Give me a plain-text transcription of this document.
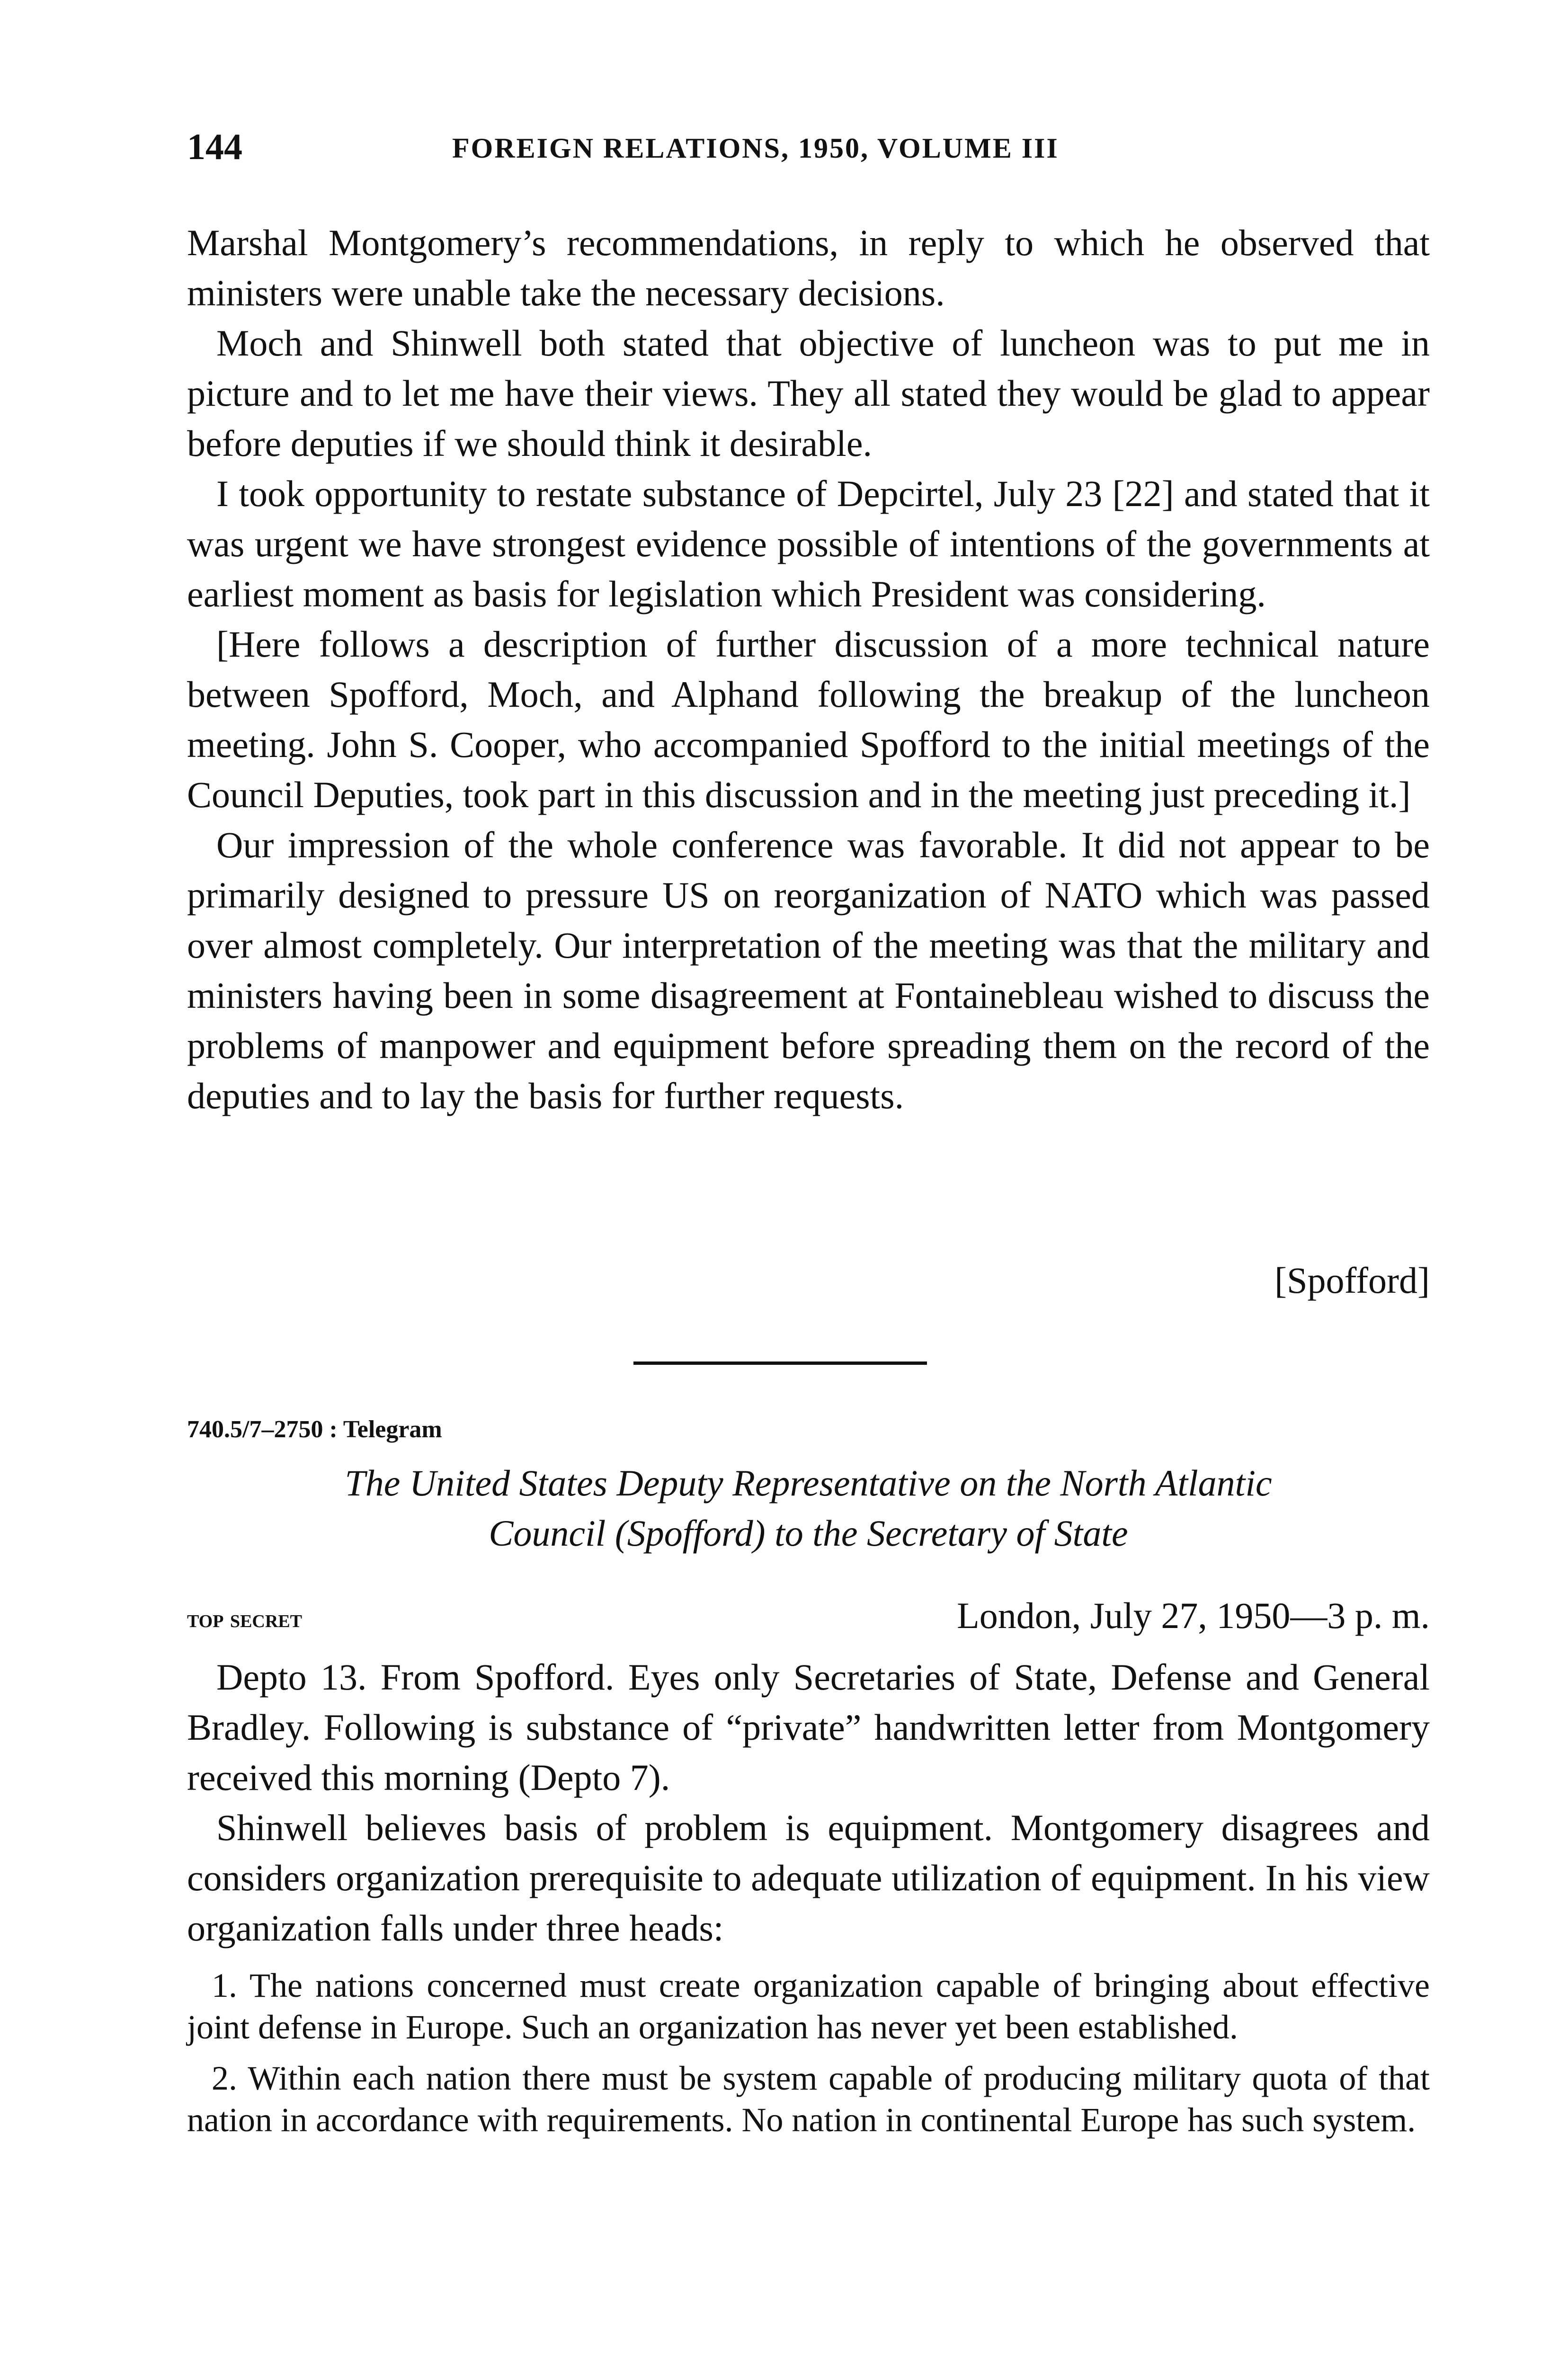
144	FOREIGN RELATIONS, 1950, VOLUME III

Marshal Montgomery’s recommendations, in reply to which he observed that ministers were unable take the necessary decisions.

Moch and Shinwell both stated that objective of luncheon was to put me in picture and to let me have their views. They all stated they would be glad to appear before deputies if we should think it desirable.

I took opportunity to restate substance of Depcirtel, July 23 [22] and stated that it was urgent we have strongest evidence possible of intentions of the governments at earliest moment as basis for legislation which President was considering.

[Here follows a description of further discussion of a more technical nature between Spofford, Moch, and Alphand following the breakup of the luncheon meeting. John S. Cooper, who accompanied Spofford to the initial meetings of the Council Deputies, took part in this discussion and in the meeting just preceding it.]

Our impression of the whole conference was favorable. It did not appear to be primarily designed to pressure US on reorganization of NATO which was passed over almost completely. Our interpretation of the meeting was that the military and ministers having been in some disagreement at Fontainebleau wished to discuss the problems of manpower and equipment before spreading them on the record of the deputies and to lay the basis for further requests.

[Spofford]
740.5/7–2750 : Telegram
The United States Deputy Representative on the North Atlantic
Council (Spofford) to the Secretary of State
top secret	London, July 27, 1950—3 p. m.

Depto 13. From Spofford. Eyes only Secretaries of State, Defense and General Bradley. Following is substance of “private” handwritten letter from Montgomery received this morning (Depto 7).

Shinwell believes basis of problem is equipment. Montgomery disagrees and considers organization prerequisite to adequate utilization of equipment. In his view organization falls under three heads:

1. The nations concerned must create organization capable of bringing about effective joint defense in Europe. Such an organization has never yet been established.

2. Within each nation there must be system capable of producing military quota of that nation in accordance with requirements. No nation in continental Europe has such system.
